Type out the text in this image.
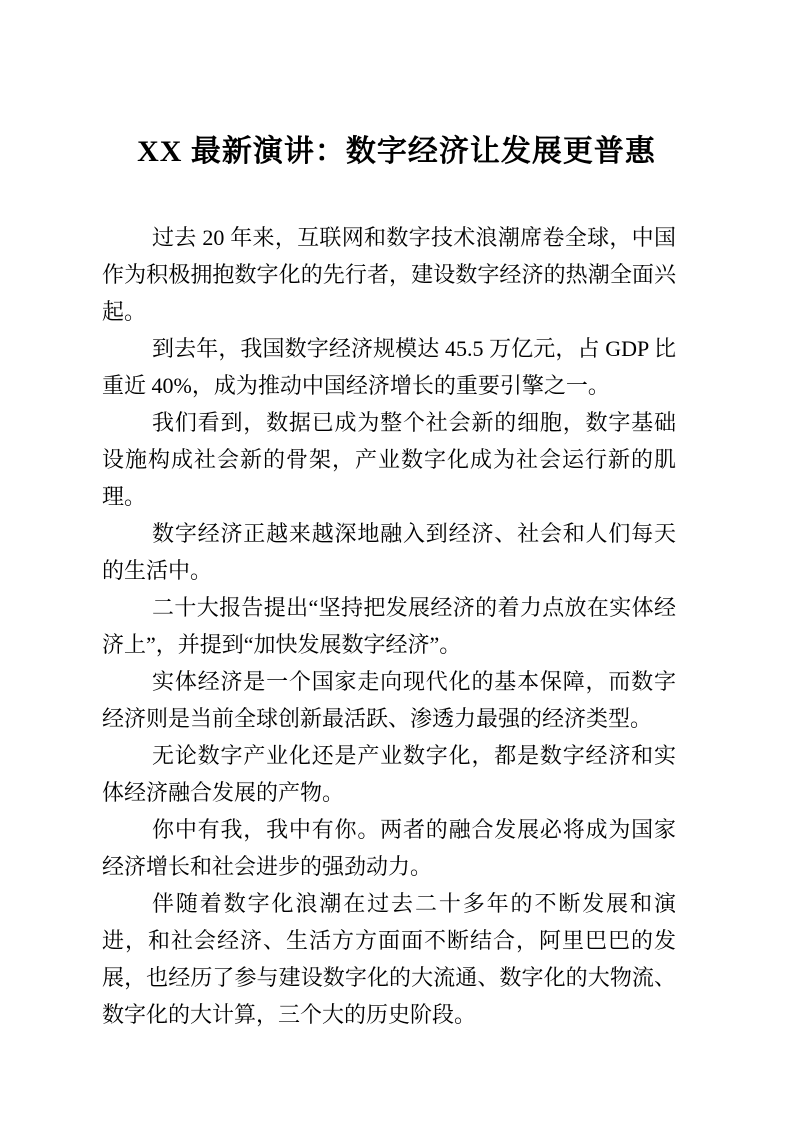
XX 最新演讲：数字经济让发展更普惠

过去 20 年来，互联网和数字技术浪潮席卷全球，中国作为积极拥抱数字化的先行者，建设数字经济的热潮全面兴起。

到去年，我国数字经济规模达 45.5 万亿元，占 GDP 比重近 40%，成为推动中国经济增长的重要引擎之一。

我们看到，数据已成为整个社会新的细胞，数字基础设施构成社会新的骨架，产业数字化成为社会运行新的肌理。

数字经济正越来越深地融入到经济、社会和人们每天的生活中。

二十大报告提出“坚持把发展经济的着力点放在实体经济上”，并提到“加快发展数字经济”。

实体经济是一个国家走向现代化的基本保障，而数字经济则是当前全球创新最活跃、渗透力最强的经济类型。

无论数字产业化还是产业数字化，都是数字经济和实体经济融合发展的产物。

你中有我，我中有你。两者的融合发展必将成为国家经济增长和社会进步的强劲动力。

伴随着数字化浪潮在过去二十多年的不断发展和演进，和社会经济、生活方方面面不断结合，阿里巴巴的发展，也经历了参与建设数字化的大流通、数字化的大物流、数字化的大计算，三个大的历史阶段。
